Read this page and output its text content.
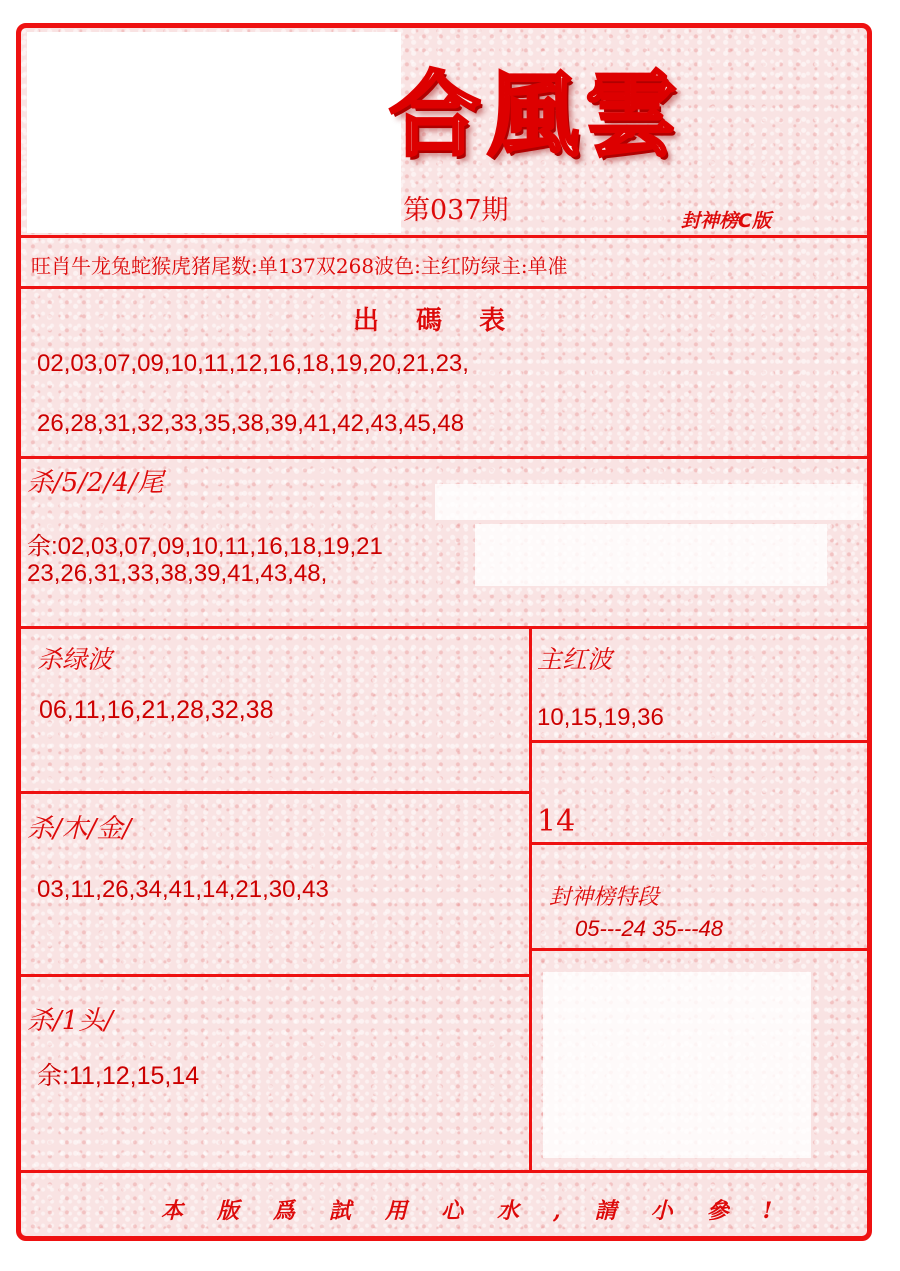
合風雲
第037期	封神榜C版
旺肖牛龙兔蛇猴虎猪尾数:单137双268波色:主红防绿主:单准
出 碼 表
02,03,07,09,10,11,12,16,18,19,20,21,23,
26,28,31,32,33,35,38,39,41,42,43,45,48
杀/5/2/4/尾
余:02,03,07,09,10,11,16,18,19,21
23,26,31,33,38,39,41,43,48,
杀绿波
06,11,16,21,28,32,38
杀/木/金/
03,11,26,34,41,14,21,30,43
杀/1头/
余:11,12,15,14
主红波
10,15,19,36
14
封神榜特段
05---24 35---48
本版爲試用心水,請小參!
